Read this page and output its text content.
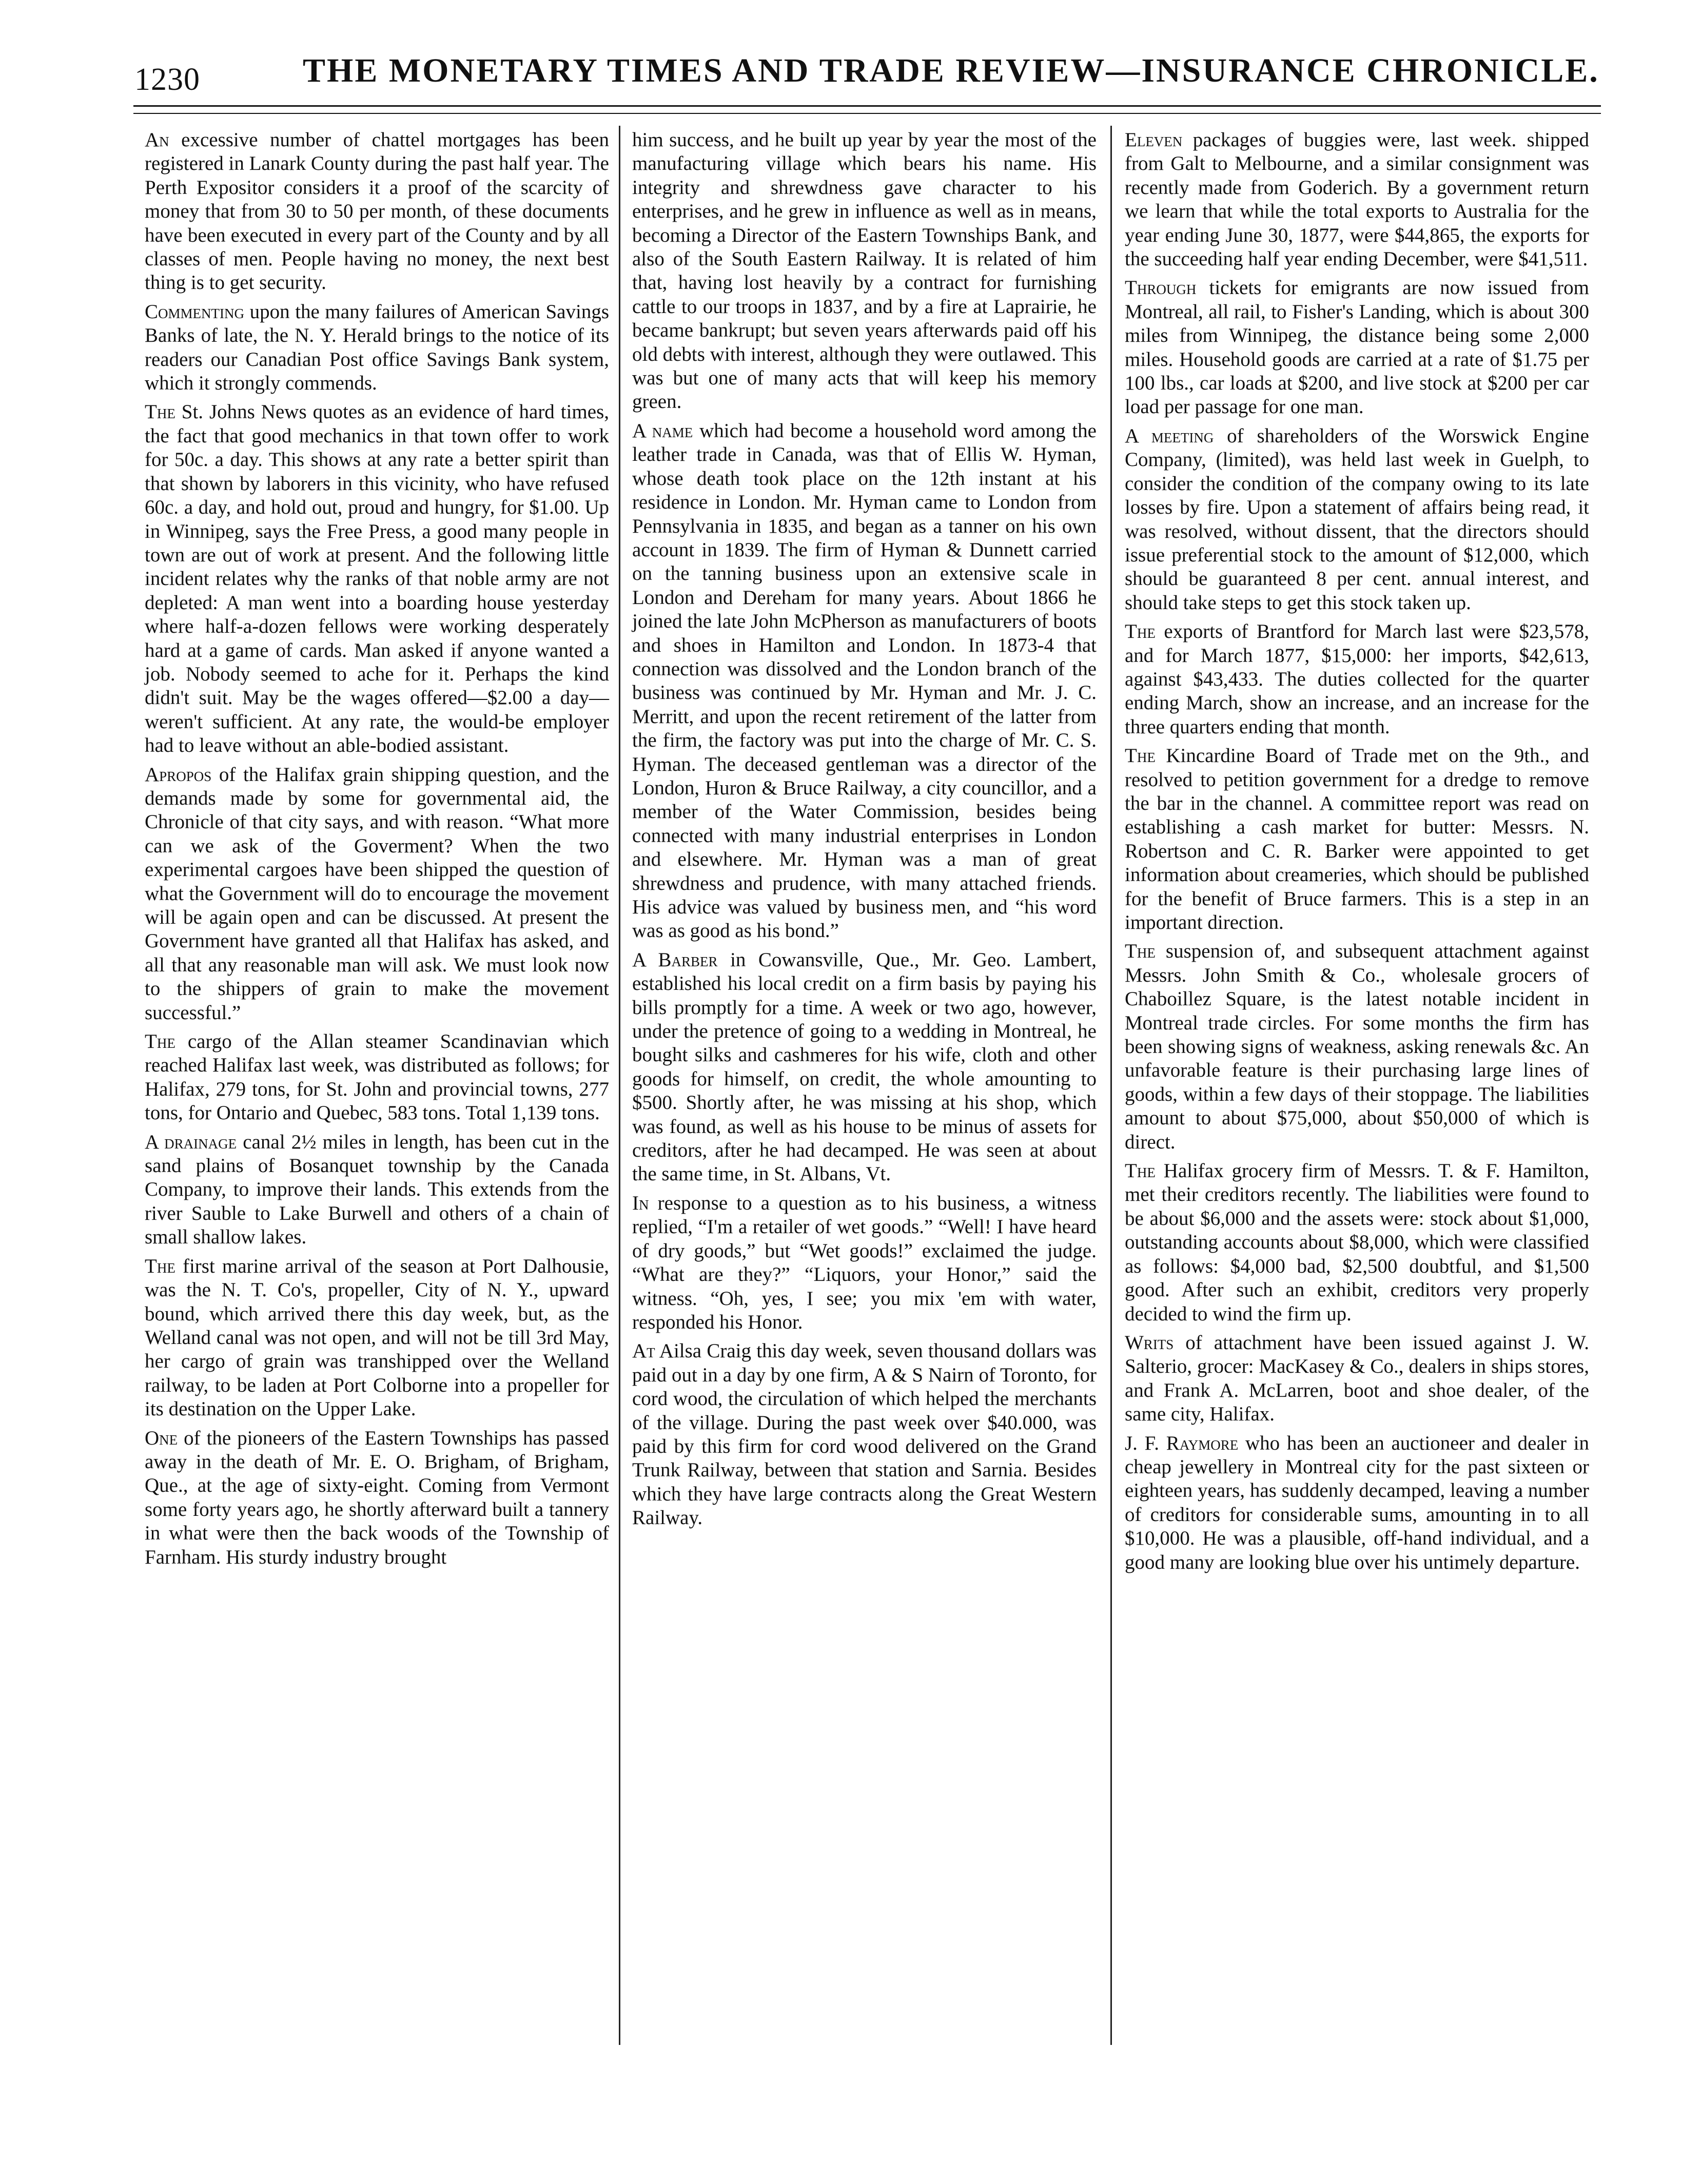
1230	THE MONETARY TIMES AND TRADE REVIEW—INSURANCE CHRONICLE.

An excessive number of chattel mortgages has been registered in Lanark County during the past half year. The Perth Expositor considers it a proof of the scarcity of money that from 30 to 50 per month, of these documents have been executed in every part of the County and by all classes of men. People having no money, the next best thing is to get security.

Commenting upon the many failures of American Savings Banks of late, the N. Y. Herald brings to the notice of its readers our Canadian Post office Savings Bank system, which it strongly commends.

The St. Johns News quotes as an evidence of hard times, the fact that good mechanics in that town offer to work for 50c. a day. This shows at any rate a better spirit than that shown by laborers in this vicinity, who have refused 60c. a day, and hold out, proud and hungry, for $1.00. Up in Winnipeg, says the Free Press, a good many people in town are out of work at present. And the following little incident relates why the ranks of that noble army are not depleted: A man went into a boarding house yesterday where half-a-dozen fellows were working desperately hard at a game of cards. Man asked if anyone wanted a job. Nobody seemed to ache for it. Perhaps the kind didn't suit. May be the wages offered—$2.00 a day—weren't sufficient. At any rate, the would-be employer had to leave without an able-bodied assistant.

Apropos of the Halifax grain shipping question, and the demands made by some for governmental aid, the Chronicle of that city says, and with reason. “What more can we ask of the Goverment? When the two experimental cargoes have been shipped the question of what the Government will do to encourage the movement will be again open and can be discussed. At present the Government have granted all that Halifax has asked, and all that any reasonable man will ask. We must look now to the shippers of grain to make the movement successful.”

The cargo of the Allan steamer Scandinavian which reached Halifax last week, was distributed as follows; for Halifax, 279 tons, for St. John and provincial towns, 277 tons, for Ontario and Quebec, 583 tons. Total 1,139 tons.

A drainage canal 2½ miles in length, has been cut in the sand plains of Bosanquet township by the Canada Company, to improve their lands. This extends from the river Sauble to Lake Burwell and others of a chain of small shallow lakes.

The first marine arrival of the season at Port Dalhousie, was the N. T. Co's, propeller, City of N. Y., upward bound, which arrived there this day week, but, as the Welland canal was not open, and will not be till 3rd May, her cargo of grain was transhipped over the Welland railway, to be laden at Port Colborne into a propeller for its destination on the Upper Lake.

One of the pioneers of the Eastern Townships has passed away in the death of Mr. E. O. Brigham, of Brigham, Que., at the age of sixty-eight. Coming from Vermont some forty years ago, he shortly afterward built a tannery in what were then the back woods of the Township of Farnham. His sturdy industry brought

him success, and he built up year by year the most of the manufacturing village which bears his name. His integrity and shrewdness gave character to his enterprises, and he grew in influence as well as in means, becoming a Director of the Eastern Townships Bank, and also of the South Eastern Railway. It is related of him that, having lost heavily by a contract for furnishing cattle to our troops in 1837, and by a fire at Laprairie, he became bankrupt; but seven years afterwards paid off his old debts with interest, although they were outlawed. This was but one of many acts that will keep his memory green.

A name which had become a household word among the leather trade in Canada, was that of Ellis W. Hyman, whose death took place on the 12th instant at his residence in London. Mr. Hyman came to London from Pennsylvania in 1835, and began as a tanner on his own account in 1839. The firm of Hyman & Dunnett carried on the tanning business upon an extensive scale in London and Dereham for many years. About 1866 he joined the late John McPherson as manufacturers of boots and shoes in Hamilton and London. In 1873-4 that connection was dissolved and the London branch of the business was continued by Mr. Hyman and Mr. J. C. Merritt, and upon the recent retirement of the latter from the firm, the factory was put into the charge of Mr. C. S. Hyman. The deceased gentleman was a director of the London, Huron & Bruce Railway, a city councillor, and a member of the Water Commission, besides being connected with many industrial enterprises in London and elsewhere. Mr. Hyman was a man of great shrewdness and prudence, with many attached friends. His advice was valued by business men, and “his word was as good as his bond.”

A Barber in Cowansville, Que., Mr. Geo. Lambert, established his local credit on a firm basis by paying his bills promptly for a time. A week or two ago, however, under the pretence of going to a wedding in Montreal, he bought silks and cashmeres for his wife, cloth and other goods for himself, on credit, the whole amounting to $500. Shortly after, he was missing at his shop, which was found, as well as his house to be minus of assets for creditors, after he had decamped. He was seen at about the same time, in St. Albans, Vt.

In response to a question as to his business, a witness replied, “I'm a retailer of wet goods.” “Well! I have heard of dry goods,” but “Wet goods!” exclaimed the judge. “What are they?” “Liquors, your Honor,” said the witness. “Oh, yes, I see; you mix 'em with water, responded his Honor.

At Ailsa Craig this day week, seven thousand dollars was paid out in a day by one firm, A & S Nairn of Toronto, for cord wood, the circulation of which helped the merchants of the village. During the past week over $40.000, was paid by this firm for cord wood delivered on the Grand Trunk Railway, between that station and Sarnia. Besides which they have large contracts along the Great Western Railway.

Eleven packages of buggies were, last week. shipped from Galt to Melbourne, and a similar consignment was recently made from Goderich. By a government return we learn that while the total exports to Australia for the year ending June 30, 1877, were $44,865, the exports for the succeeding half year ending December, were $41,511.

Through tickets for emigrants are now issued from Montreal, all rail, to Fisher's Landing, which is about 300 miles from Winnipeg, the distance being some 2,000 miles. Household goods are carried at a rate of $1.75 per 100 lbs., car loads at $200, and live stock at $200 per car load per passage for one man.

A meeting of shareholders of the Worswick Engine Company, (limited), was held last week in Guelph, to consider the condition of the company owing to its late losses by fire. Upon a statement of affairs being read, it was resolved, without dissent, that the directors should issue preferential stock to the amount of $12,000, which should be guaranteed 8 per cent. annual interest, and should take steps to get this stock taken up.

The exports of Brantford for March last were $23,578, and for March 1877, $15,000: her imports, $42,613, against $43,433. The duties collected for the quarter ending March, show an increase, and an increase for the three quarters ending that month.

The Kincardine Board of Trade met on the 9th., and resolved to petition government for a dredge to remove the bar in the channel. A committee report was read on establishing a cash market for butter: Messrs. N. Robertson and C. R. Barker were appointed to get information about creameries, which should be published for the benefit of Bruce farmers. This is a step in an important direction.

The suspension of, and subsequent attachment against Messrs. John Smith & Co., wholesale grocers of Chaboillez Square, is the latest notable incident in Montreal trade circles. For some months the firm has been showing signs of weakness, asking renewals &c. An unfavorable feature is their purchasing large lines of goods, within a few days of their stoppage. The liabilities amount to about $75,000, about $50,000 of which is direct.

The Halifax grocery firm of Messrs. T. & F. Hamilton, met their creditors recently. The liabilities were found to be about $6,000 and the assets were: stock about $1,000, outstanding accounts about $8,000, which were classified as follows: $4,000 bad, $2,500 doubtful, and $1,500 good. After such an exhibit, creditors very properly decided to wind the firm up.

Writs of attachment have been issued against J. W. Salterio, grocer: MacKasey & Co., dealers in ships stores, and Frank A. McLarren, boot and shoe dealer, of the same city, Halifax.

J. F. Raymore who has been an auctioneer and dealer in cheap jewellery in Montreal city for the past sixteen or eighteen years, has suddenly decamped, leaving a number of creditors for considerable sums, amounting in to all $10,000. He was a plausible, off-hand individual, and a good many are looking blue over his untimely departure.
